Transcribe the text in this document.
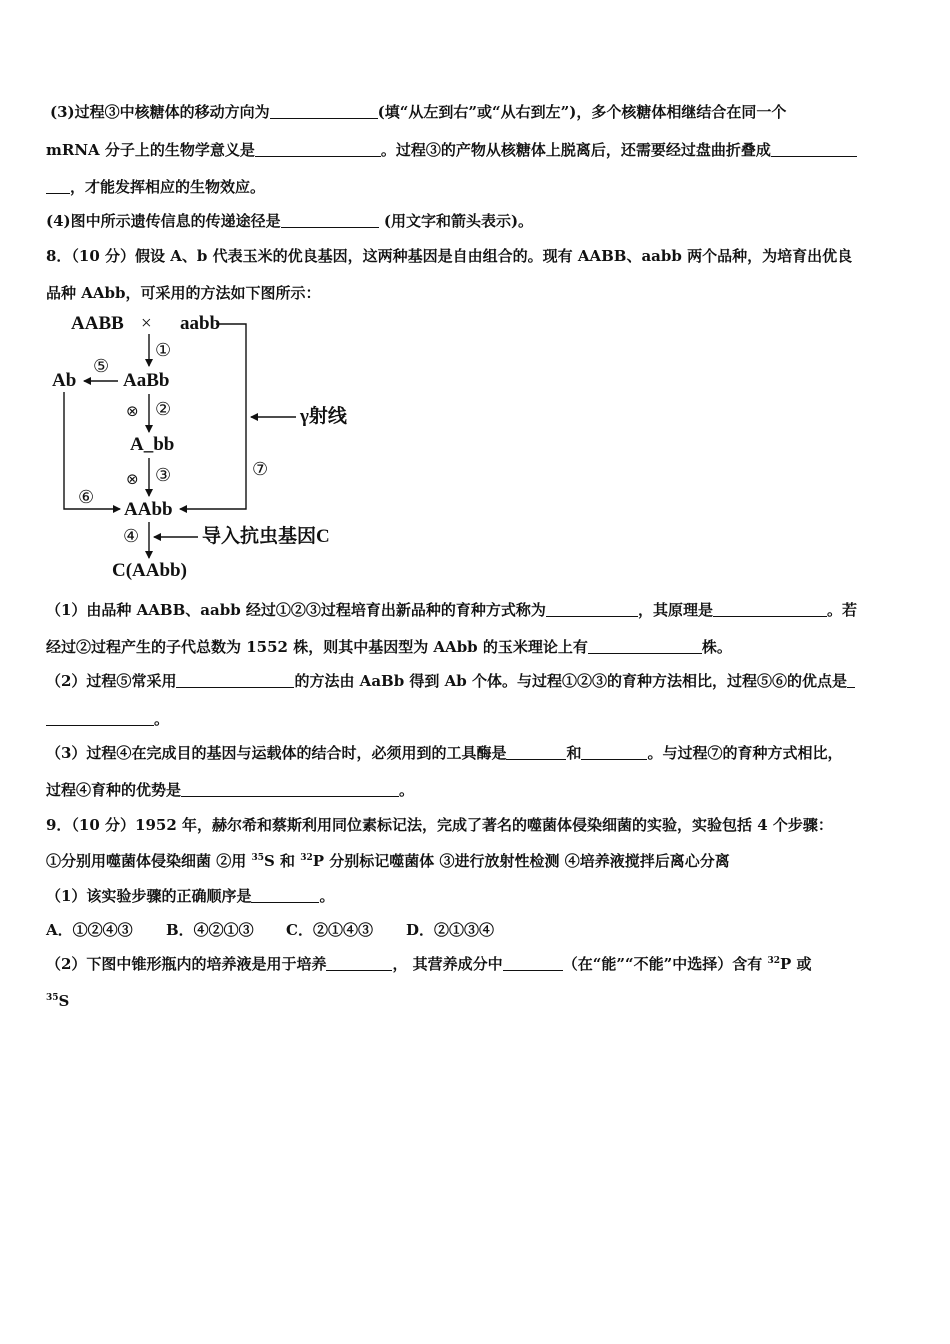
(3)过程③中核糖体的移动方向为	(填“从左到右”或“从右到左”)，多个核糖体相继结合在同一个
mRNA 分子上的生物学意义是	。过程③的产物从核糖体上脱离后，还需要经过盘曲折叠成
，才能发挥相应的生物效应。
(4)图中所示遗传信息的传递途径是	(用文字和箭头表示)。
8．（10 分）假设 A、b 代表玉米的优良基因，这两种基因是自由组合的。现有 AABB、aabb 两个品种，为培育出优良
品种 AAbb，可采用的方法如下图所示：
AABB × aabb
①
Ab
⑤
AaBb
⊗ ②
A_bb
γ射线
⊗ ③	⑦
⑥
AAbb
④	导入抗虫基因C
C(AAbb)
（1）由品种 AABB、aabb 经过①②③过程培育出新品种的育种方式称为	，其原理是	。若
经过②过程产生的子代总数为 1552 株，则其中基因型为 AAbb 的玉米理论上有	株。
（2）过程⑤常采用	的方法由 AaBb 得到 Ab 个体。与过程①②③的育种方法相比，过程⑤⑥的优点是
。
（3）过程④在完成目的基因与运载体的结合时，必须用到的工具酶是	和	。与过程⑦的育种方式相比，
过程④育种的优势是	。
9．（10 分）1952 年，赫尔希和蔡斯利用同位素标记法，完成了著名的噬菌体侵染细菌的实验，实验包括 4 个步骤：
①分别用噬菌体侵染细菌 ②用 $^{35}$S 和 $^{32}$P 分别标记噬菌体 ③进行放射性检测 ④培养液搅拌后离心分离
（1）该实验步骤的正确顺序是	。
A．①②④③ B．④②①③ C．②①④③ D．②①③④
（2）下图中锥形瓶内的培养液是用于培养	， 其营养成分中	（在“能”“不能”中选择）含有 $^{32}$P 或
$^{35}$S
